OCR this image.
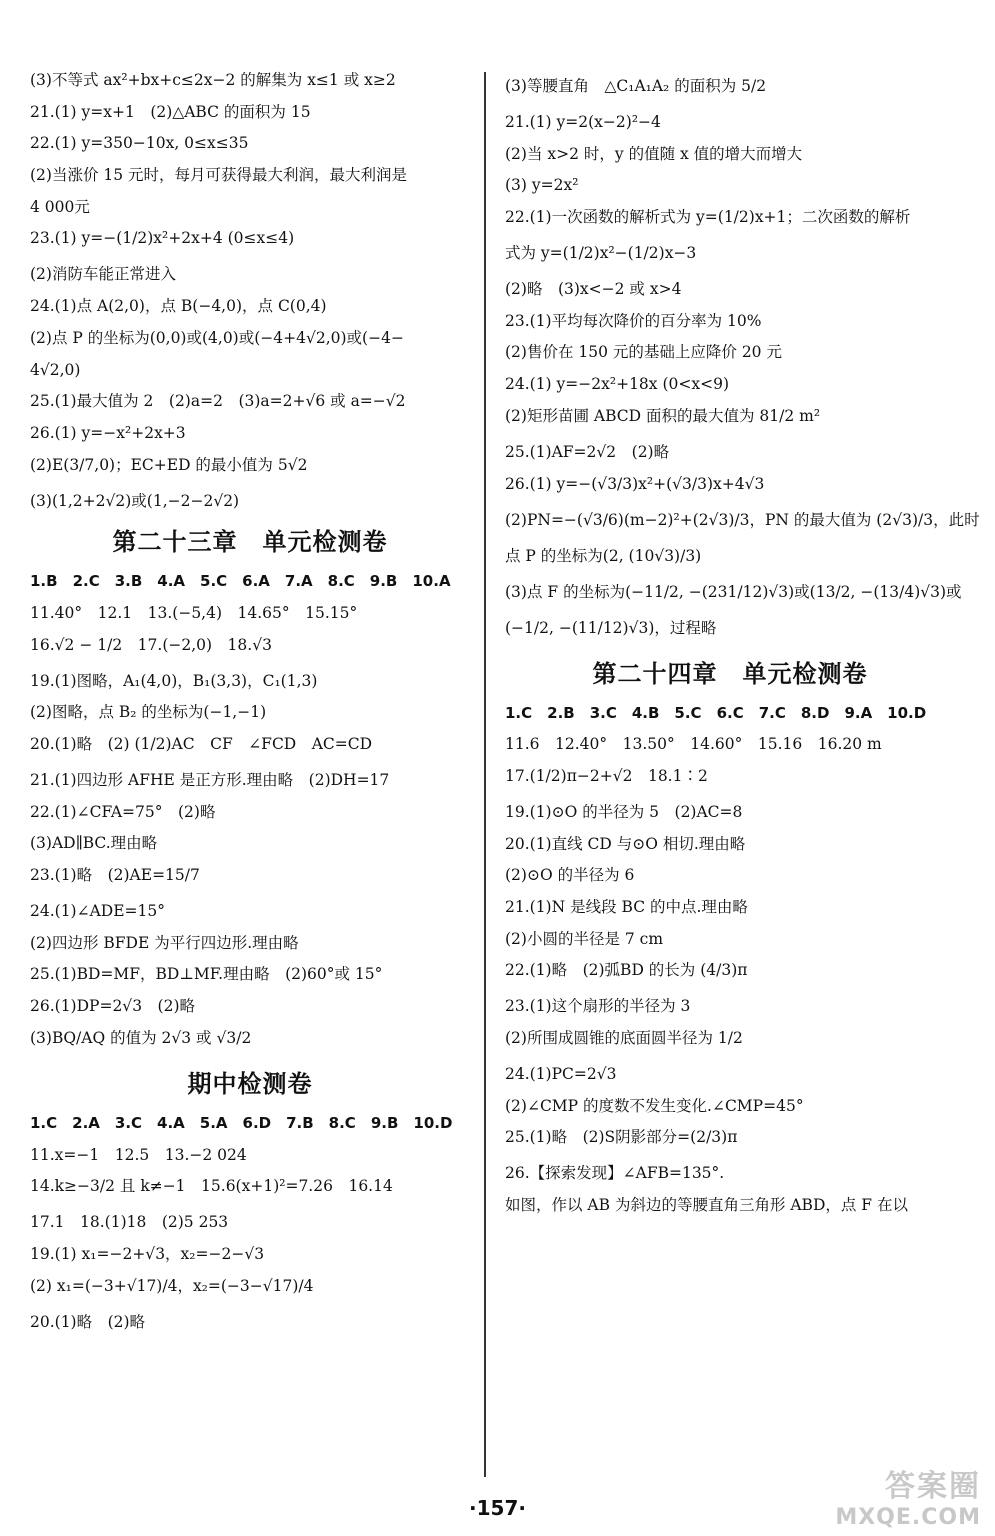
(3)不等式 ax²+bx+c≤2x−2 的解集为 x≤1 或 x≥2
21.(1) y=x+1　(2)△ABC 的面积为 15
22.(1) y=350−10x, 0≤x≤35
(2)当涨价 15 元时，每月可获得最大利润，最大利润是
4 000元
23.(1) y=−(1/2)x²+2x+4 (0≤x≤4)
(2)消防车能正常进入
24.(1)点 A(2,0)，点 B(−4,0)，点 C(0,4)
(2)点 P 的坐标为(0,0)或(4,0)或(−4+4√2,0)或(−4−
4√2,0)
25.(1)最大值为 2　(2)a=2　(3)a=2+√6 或 a=−√2
26.(1) y=−x²+2x+3
(2)E(3/7,0)；EC+ED 的最小值为 5√2
(3)(1,2+2√2)或(1,−2−2√2)
第二十三章　单元检测卷
1.B　2.C　3.B　4.A　5.C　6.A　7.A　8.C　9.B　10.A
11.40°　12.1　13.(−5,4)　14.65°　15.15°
16.√2 − 1/2　17.(−2,0)　18.√3
19.(1)图略，A₁(4,0)，B₁(3,3)，C₁(1,3)
(2)图略，点 B₂ 的坐标为(−1,−1)
20.(1)略　(2) (1/2)AC　CF　∠FCD　AC=CD
21.(1)四边形 AFHE 是正方形.理由略　(2)DH=17
22.(1)∠CFA=75°　(2)略
(3)AD∥BC.理由略
23.(1)略　(2)AE=15/7
24.(1)∠ADE=15°
(2)四边形 BFDE 为平行四边形.理由略
25.(1)BD=MF，BD⊥MF.理由略　(2)60°或 15°
26.(1)DP=2√3　(2)略
(3)BQ/AQ 的值为 2√3 或 √3/2
期中检测卷
1.C　2.A　3.C　4.A　5.A　6.D　7.B　8.C　9.B　10.D
11.x=−1　12.5　13.−2 024
14.k≥−3/2 且 k≠−1　15.6(x+1)²=7.26　16.14
17.1　18.(1)18　(2)5 253
19.(1) x₁=−2+√3，x₂=−2−√3
(2) x₁=(−3+√17)/4，x₂=(−3−√17)/4
20.(1)略　(2)略
(3)等腰直角　△C₁A₁A₂ 的面积为 5/2
21.(1) y=2(x−2)²−4
(2)当 x>2 时，y 的值随 x 值的增大而增大
(3) y=2x²
22.(1)一次函数的解析式为 y=(1/2)x+1；二次函数的解析
式为 y=(1/2)x²−(1/2)x−3
(2)略　(3)x<−2 或 x>4
23.(1)平均每次降价的百分率为 10%
(2)售价在 150 元的基础上应降价 20 元
24.(1) y=−2x²+18x (0<x<9)
(2)矩形苗圃 ABCD 面积的最大值为 81/2 m²
25.(1)AF=2√2　(2)略
26.(1) y=−(√3/3)x²+(√3/3)x+4√3
(2)PN=−(√3/6)(m−2)²+(2√3)/3，PN 的最大值为 (2√3)/3，此时
点 P 的坐标为(2, (10√3)/3)
(3)点 F 的坐标为(−11/2, −(231/12)√3)或(13/2, −(13/4)√3)或
(−1/2, −(11/12)√3)，过程略
第二十四章　单元检测卷
1.C　2.B　3.C　4.B　5.C　6.C　7.C　8.D　9.A　10.D
11.6　12.40°　13.50°　14.60°　15.16　16.20 m
17.(1/2)π−2+√2　18.1∶2
19.(1)⊙O 的半径为 5　(2)AC=8
20.(1)直线 CD 与⊙O 相切.理由略
(2)⊙O 的半径为 6
21.(1)N 是线段 BC 的中点.理由略
(2)小圆的半径是 7 cm
22.(1)略　(2)弧BD 的长为 (4/3)π
23.(1)这个扇形的半径为 3
(2)所围成圆锥的底面圆半径为 1/2
24.(1)PC=2√3
(2)∠CMP 的度数不发生变化.∠CMP=45°
25.(1)略　(2)S阴影部分=(2/3)π
26.【探索发现】∠AFB=135°.
如图，作以 AB 为斜边的等腰直角三角形 ABD，点 F 在以
·157·
答案圈
MXQE.COM
